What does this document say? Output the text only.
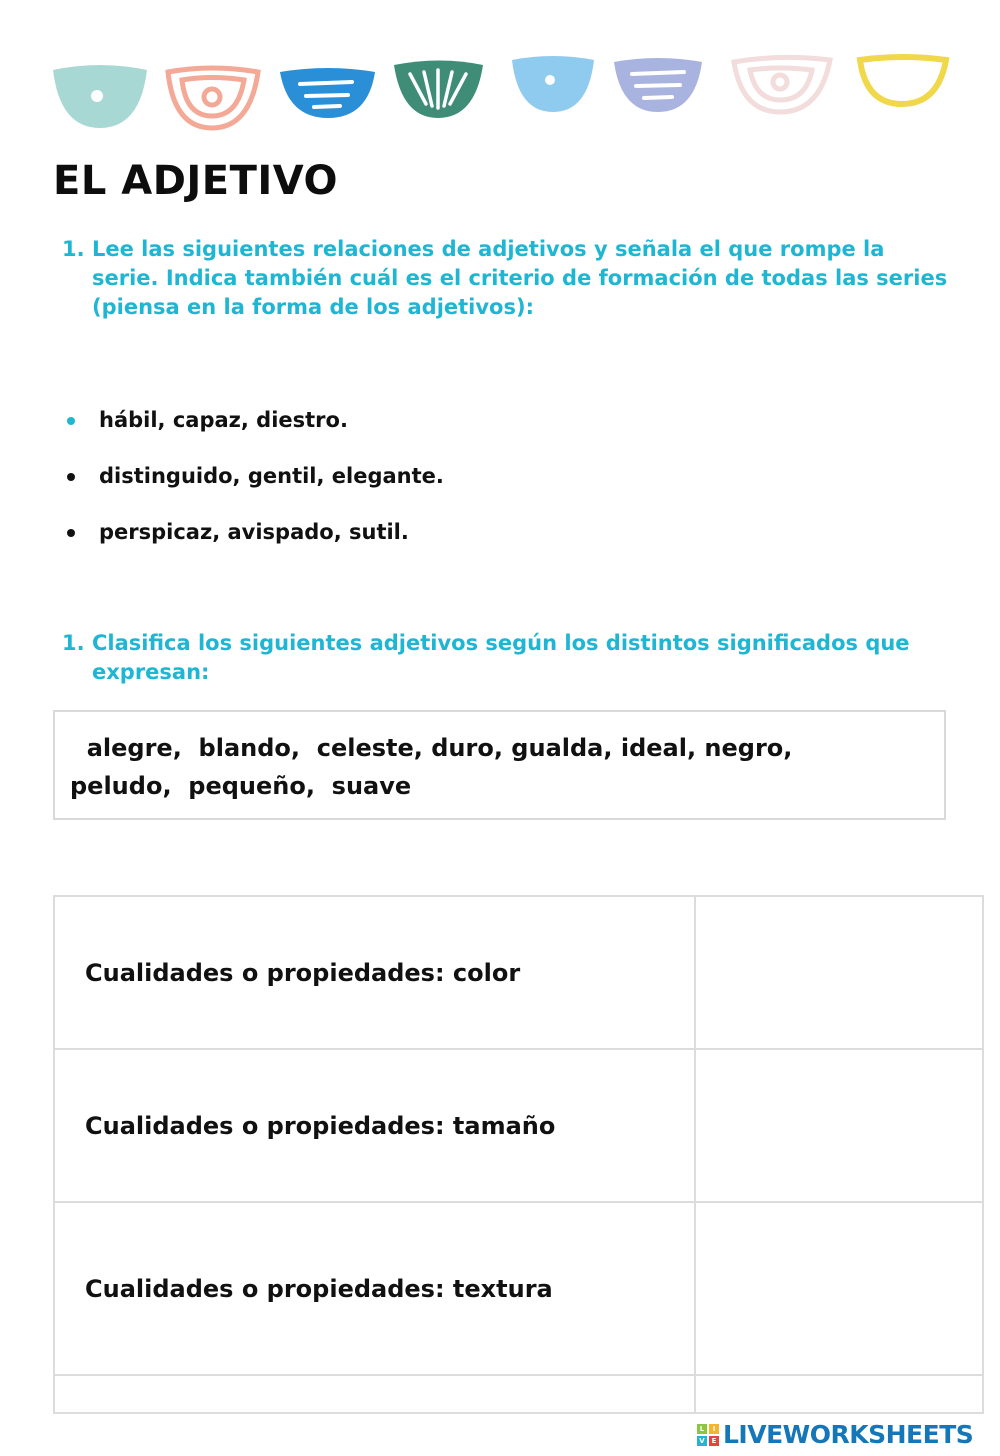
EL ADJETIVO
1. Lee las siguientes relaciones de adjetivos y señala el que rompe la serie. Indica también cuál es el criterio de formación de todas las series (piensa en la forma de los adjetivos):
hábil, capaz, diestro.
distinguido, gentil, elegante.
perspicaz, avispado, sutil.
1. Clasifica los siguientes adjetivos según los distintos significados que expresan:

alegre,  blando,  celeste, duro, gualda, ideal, negro,
peludo,  pequeño,  suave

Cualidades o propiedades: color	
Cualidades o propiedades: tamaño	
Cualidades o propiedades: textura	

L	I
V E LIVEWORKSHEETS
